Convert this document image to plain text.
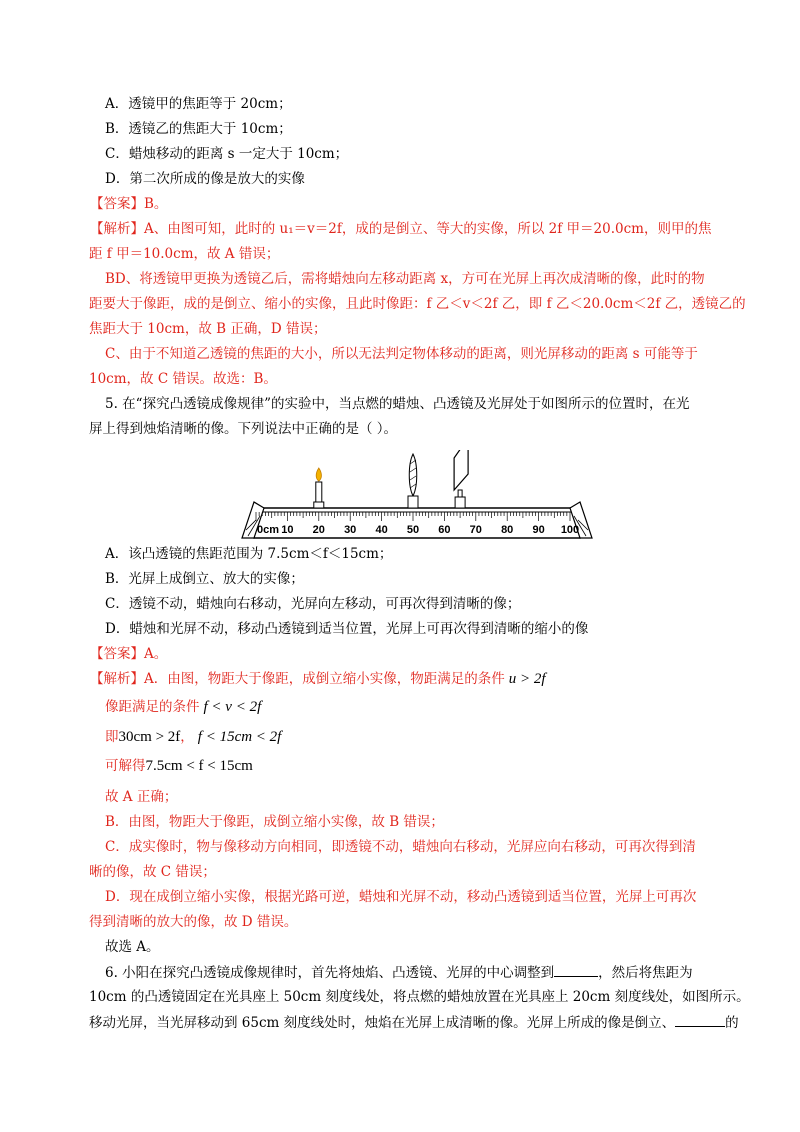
A．透镜甲的焦距等于 20cm；
B．透镜乙的焦距大于 10cm；
C．蜡烛移动的距离 s 一定大于 10cm；
D．第二次所成的像是放大的实像
【答案】B。
【解析】A、由图可知，此时的 u₁＝v＝2f，成的是倒立、等大的实像，所以 2f 甲＝20.0cm，则甲的焦
距 f 甲＝10.0cm，故 A 错误；
BD、将透镜甲更换为透镜乙后，需将蜡烛向左移动距离 x，方可在光屏上再次成清晰的像，此时的物
距要大于像距，成的是倒立、缩小的实像，且此时像距：f 乙＜v＜2f 乙，即 f 乙＜20.0cm＜2f 乙，透镜乙的
焦距大于 10cm，故 B 正确，D 错误；
C、由于不知道乙透镜的焦距的大小，所以无法判定物体移动的距离，则光屏移动的距离 s 可能等于
10cm，故 C 错误。故选：B。
5. 在“探究凸透镜成像规律”的实验中，当点燃的蜡烛、凸透镜及光屏处于如图所示的位置时，在光
屏上得到烛焰清晰的像。下列说法中正确的是（ ）。
0cm 10 20 30 40 50 60 70 80 90 100
A．该凸透镜的焦距范围为 7.5cm＜f＜15cm；
B．光屏上成倒立、放大的实像；
C．透镜不动，蜡烛向右移动，光屏向左移动，可再次得到清晰的像；
D．蜡烛和光屏不动，移动凸透镜到适当位置，光屏上可再次得到清晰的缩小的像
【答案】A。
【解析】A．由图，物距大于像距，成倒立缩小实像，物距满足的条件 u > 2f
像距满足的条件 f < v < 2f
即30cm > 2f， f < 15cm < 2f
可解得7.5cm < f < 15cm
故 A 正确；
B．由图，物距大于像距，成倒立缩小实像，故 B 错误；
C．成实像时，物与像移动方向相同，即透镜不动，蜡烛向右移动，光屏应向右移动，可再次得到清
晰的像，故 C 错误；
D．现在成倒立缩小实像，根据光路可逆，蜡烛和光屏不动，移动凸透镜到适当位置，光屏上可再次
得到清晰的放大的像，故 D 错误。
故选 A。
6. 小阳在探究凸透镜成像规律时，首先将烛焰、凸透镜、光屏的中心调整到	，然后将焦距为
10cm 的凸透镜固定在光具座上 50cm 刻度线处，将点燃的蜡烛放置在光具座上 20cm 刻度线处，如图所示。
移动光屏，当光屏移动到 65cm 刻度线处时，烛焰在光屏上成清晰的像。光屏上所成的像是倒立、	的
